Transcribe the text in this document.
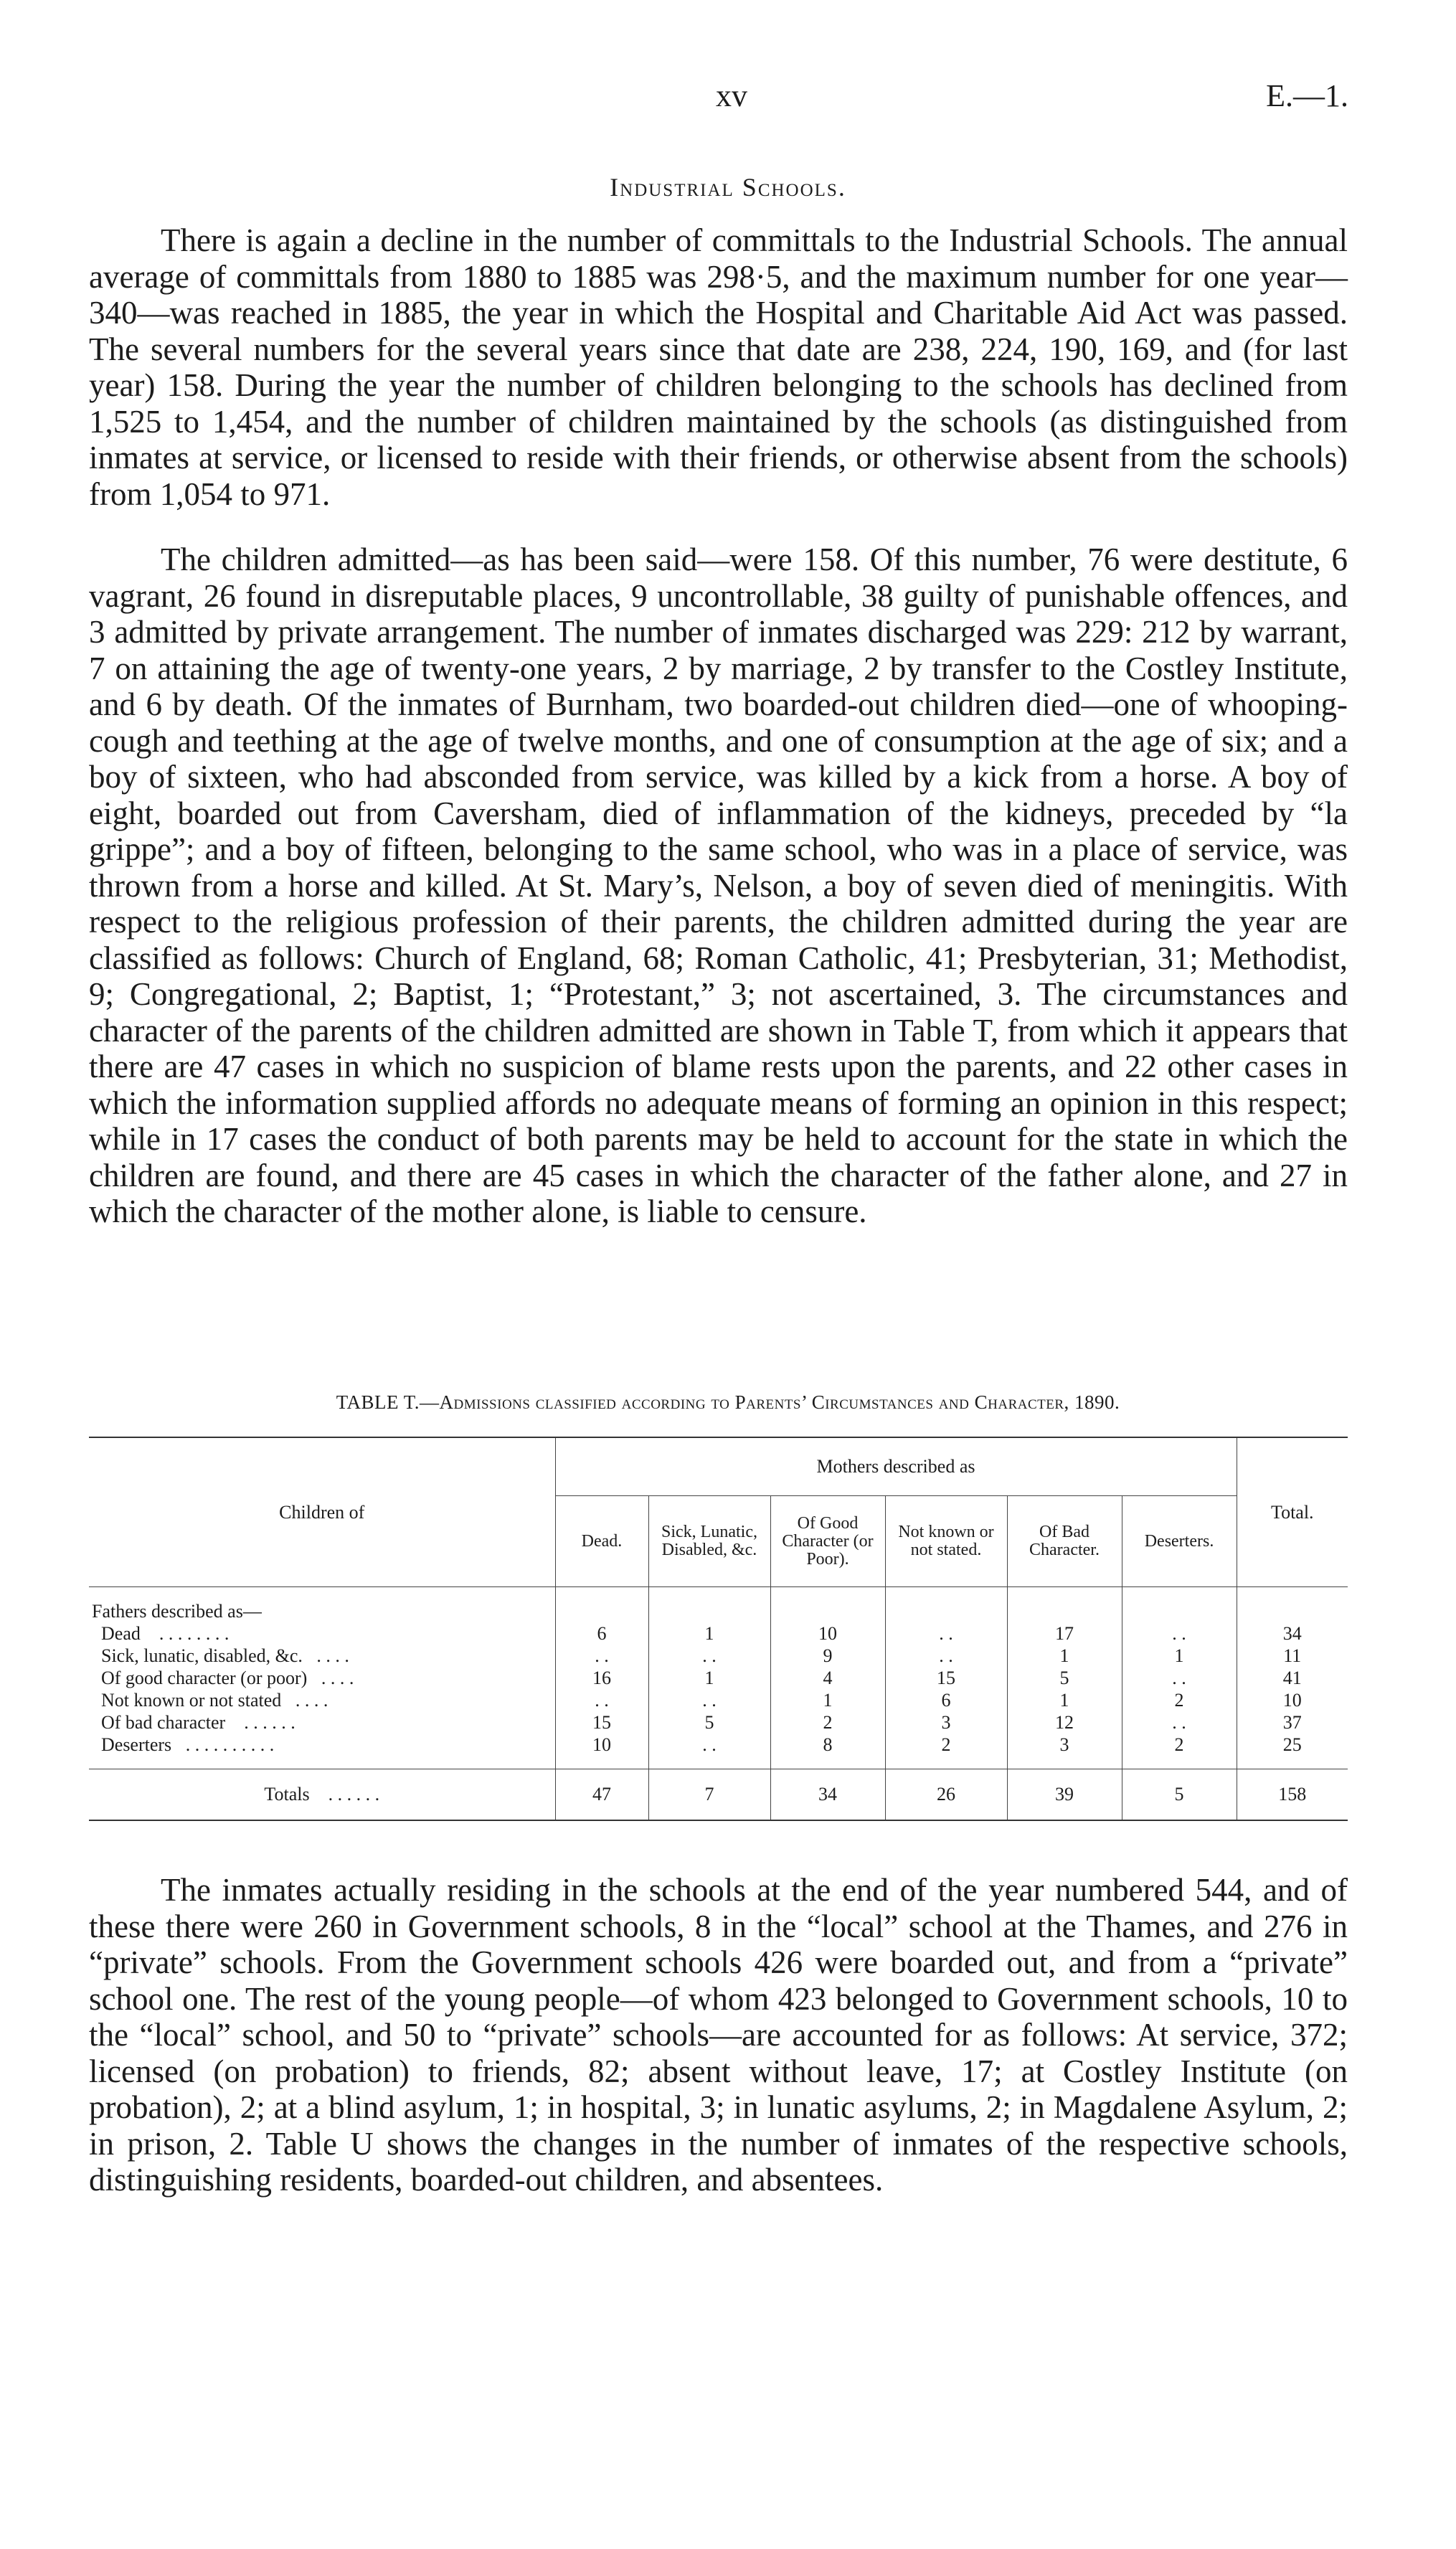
xv	E.—1.
Industrial Schools.

There is again a decline in the number of committals to the Industrial Schools. The annual average of committals from 1880 to 1885 was 298·5, and the maximum number for one year—340—was reached in 1885, the year in which the Hospital and Charitable Aid Act was passed. The several numbers for the several years since that date are 238, 224, 190, 169, and (for last year) 158. During the year the number of children belonging to the schools has declined from 1,525 to 1,454, and the number of children maintained by the schools (as distinguished from inmates at service, or licensed to reside with their friends, or otherwise absent from the schools) from 1,054 to 971.

The children admitted—as has been said—were 158. Of this number, 76 were destitute, 6 vagrant, 26 found in disreputable places, 9 uncontrollable, 38 guilty of punishable offences, and 3 admitted by private arrangement. The number of inmates discharged was 229: 212 by warrant, 7 on attaining the age of twenty-one years, 2 by marriage, 2 by transfer to the Costley Institute, and 6 by death. Of the inmates of Burnham, two boarded-out children died—one of whooping-cough and teething at the age of twelve months, and one of consumption at the age of six; and a boy of sixteen, who had absconded from service, was killed by a kick from a horse. A boy of eight, boarded out from Caversham, died of inflammation of the kidneys, preceded by “la grippe”; and a boy of fifteen, belonging to the same school, who was in a place of service, was thrown from a horse and killed. At St. Mary’s, Nelson, a boy of seven died of meningitis. With respect to the religious profession of their parents, the children admitted during the year are classified as follows: Church of England, 68; Roman Catholic, 41; Presbyterian, 31; Methodist, 9; Congregational, 2; Baptist, 1; “Protestant,” 3; not ascertained, 3. The circumstances and character of the parents of the children admitted are shown in Table T, from which it appears that there are 47 cases in which no suspicion of blame rests upon the parents, and 22 other cases in which the information supplied affords no adequate means of forming an opinion in this respect; while in 17 cases the conduct of both parents may be held to account for the state in which the children are found, and there are 45 cases in which the character of the father alone, and 27 in which the character of the mother alone, is liable to censure.

TABLE T.—Admissions classified according to Parents’ Circumstances and Character, 1890.
Children of	Mothers described as						Total.
	Dead.	Sick, Lunatic, Disabled, &c.	Of Good Character (or Poor).	Not known or not stated.	Of Bad Character.	Deserters.	

Fathers described as—							
Dead . . . . . . . .	6	1	10	. .	17	. .	34
Sick, lunatic, disabled, &c. . . . .	. .	. .	9	. .	1	1	11
Of good character (or poor) . . . .	16	1	4	15	5	. .	41
Not known or not stated . . . .	. .	. .	1	6	1	2	10
Of bad character . . . . . .	15	5	2	3	12	. .	37
Deserters . . . . . . . . . .	10	. .	8	2	3	2	25

Totals . . . . . .	47	7	34	26	39	5	158

The inmates actually residing in the schools at the end of the year numbered 544, and of these there were 260 in Government schools, 8 in the “local” school at the Thames, and 276 in “private” schools. From the Government schools 426 were boarded out, and from a “private” school one. The rest of the young people—of whom 423 belonged to Government schools, 10 to the “local” school, and 50 to “private” schools—are accounted for as follows: At service, 372; licensed (on probation) to friends, 82; absent without leave, 17; at Costley Institute (on probation), 2; at a blind asylum, 1; in hospital, 3; in lunatic asylums, 2; in Magdalene Asylum, 2; in prison, 2. Table U shows the changes in the number of inmates of the respective schools, distinguishing residents, boarded-out children, and absentees.
